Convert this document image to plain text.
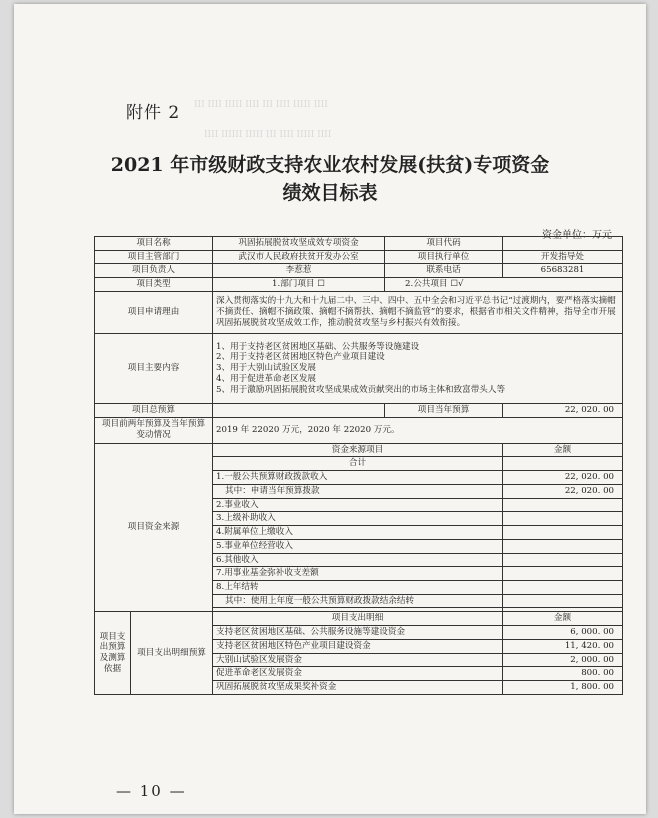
ⅠⅠⅠ ⅠⅠⅠⅠ ⅠⅠⅠⅠⅠ ⅠⅠⅠⅠ ⅠⅠⅠ ⅠⅠⅠⅠ ⅠⅠⅠⅠⅠ ⅠⅠⅠⅠ
ⅠⅠⅠⅠ ⅠⅠⅠⅠⅠⅠ ⅠⅠⅠⅠⅠ ⅠⅠⅠ ⅠⅠⅠⅠ ⅠⅠⅠⅠⅠ ⅠⅠⅠⅠ
附件 2
2021 年市级财政支持农业农村发展(扶贫)专项资金
绩效目标表
资金单位：万元
项目名称		巩固拓展脱贫攻坚成效专项资金	项目代码	
项目主管部门		武汉市人民政府扶贫开发办公室	项目执行单位	开发指导处
项目负责人		李惹惹	联系电话	65683281
项目类型		1.部门项目 ☐	2.公共项目 ☐√	
项目申请理由		深入贯彻落实的十九大和十九届二中、三中、四中、五中全会和习近平总书记“过渡期内，要严格落实摘帽不摘责任、摘帽不摘政策、摘帽不摘帮扶、摘帽不摘监管”的要求，根据省市相关文件精神，指导全市开展巩固拓展脱贫攻坚成效工作，推动脱贫攻坚与乡村振兴有效衔接。		
项目主要内容		1、用于支持老区贫困地区基础、公共服务等设施建设
2、用于支持老区贫困地区特色产业项目建设
3、用于大别山试验区发展
4、用于促进革命老区发展
5、用于激励巩固拓展脱贫攻坚成果成效贡献突出的市场主体和致富带头人等		

项目总预算			项目当年预算	22, 020. 00
项目前两年预算及当年预算变动情况		2019 年 22020 万元，2020 年 22020 万元。		
项目资金来源		资金来源项目		金额
		合计		
		1.一般公共预算财政拨款收入		22, 020. 00
		其中：申请当年预算拨款		22, 020. 00
		2.事业收入		
		3.上级补助收入		
		4.附属单位上缴收入		
		5.事业单位经营收入		
		6.其他收入		
		7.用事业基金弥补收支差额		
		8.上年结转		
		其中：使用上年度一般公共预算财政拨款结余结转		

项目支出预算及测算依据	项目支出明细预算	项目支出明细		金额
		支持老区贫困地区基础、公共服务设施等建设资金		6, 000. 00
		支持老区贫困地区特色产业项目建设资金		11, 420. 00
		大别山试验区发展资金		2, 000. 00
		促进革命老区发展资金		800. 00
		巩固拓展脱贫攻坚成果奖补资金		1, 800. 00
— 10 —
